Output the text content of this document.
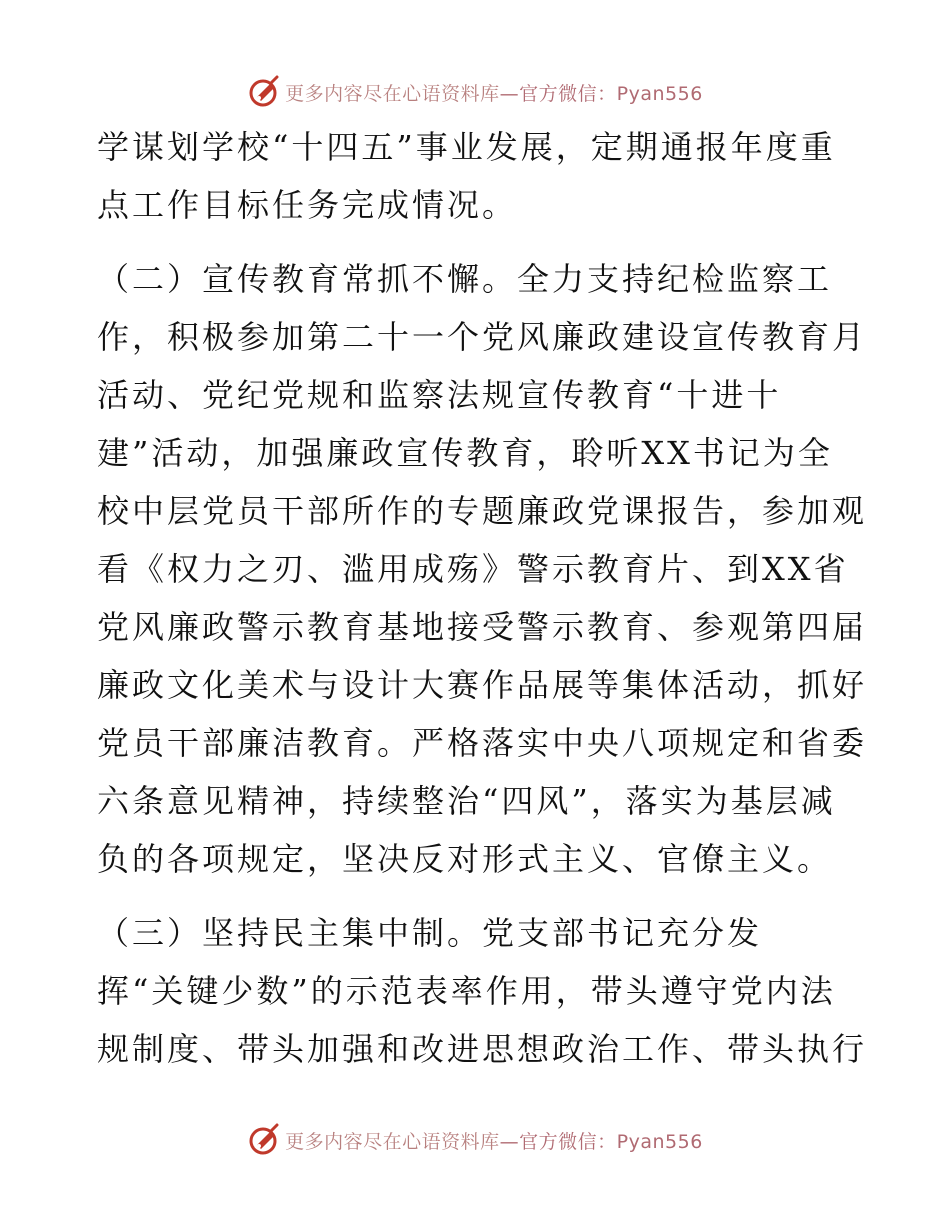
更多内容尽在心语资料库—官方微信：Pyan556
学谋划学校“十四五”事业发展，定期通报年度重
点工作目标任务完成情况。
（二）宣传教育常抓不懈。全力支持纪检监察工
作，积极参加第二十一个党风廉政建设宣传教育月
活动、党纪党规和监察法规宣传教育“十进十
建”活动，加强廉政宣传教育，聆听XX书记为全
校中层党员干部所作的专题廉政党课报告，参加观
看《权力之刃、滥用成殇》警示教育片、到XX省
党风廉政警示教育基地接受警示教育、参观第四届
廉政文化美术与设计大赛作品展等集体活动，抓好
党员干部廉洁教育。严格落实中央八项规定和省委
六条意见精神，持续整治“四风”，落实为基层减
负的各项规定，坚决反对形式主义、官僚主义。
（三）坚持民主集中制。党支部书记充分发
挥“关键少数”的示范表率作用，带头遵守党内法
规制度、带头加强和改进思想政治工作、带头执行
更多内容尽在心语资料库—官方微信：Pyan556
